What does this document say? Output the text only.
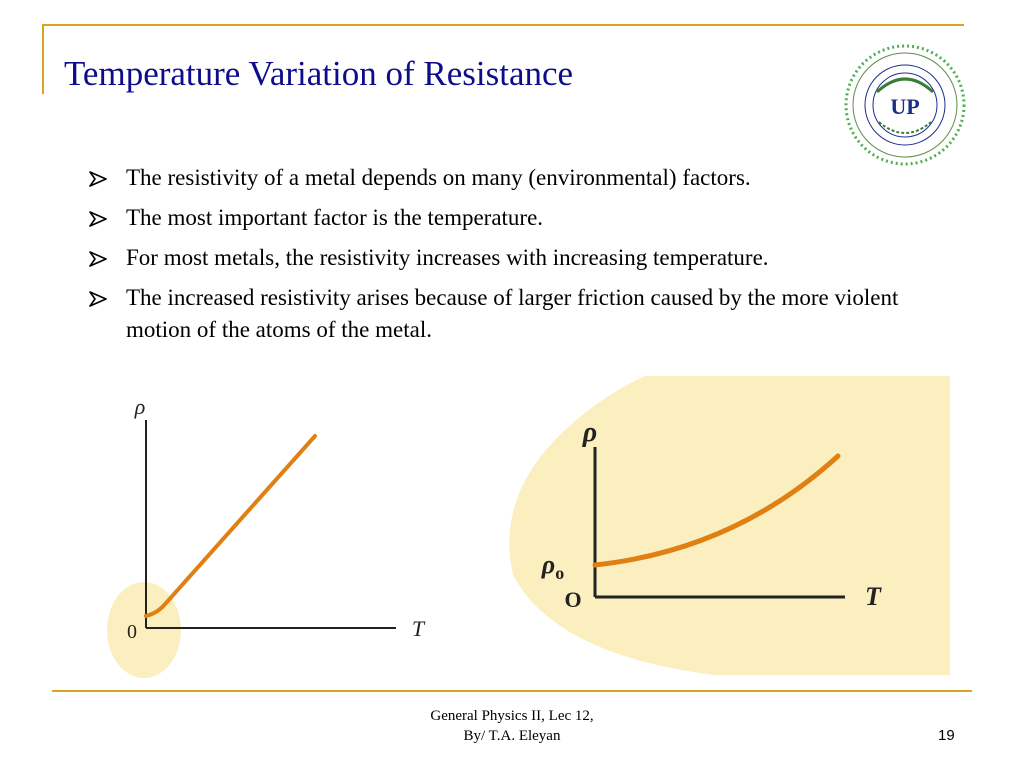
Temperature Variation of Resistance
UP
The resistivity of a metal depends on many (environmental) factors.
The most important factor is the temperature.
For most metals, the resistivity increases with increasing temperature.
The increased resistivity arises because of larger friction caused by the more violent motion of the atoms of the metal.
ρ
T
0
ρ
T
O
$\rho_o$
General Physics II, Lec 12,
By/ T.A. Eleyan	19
